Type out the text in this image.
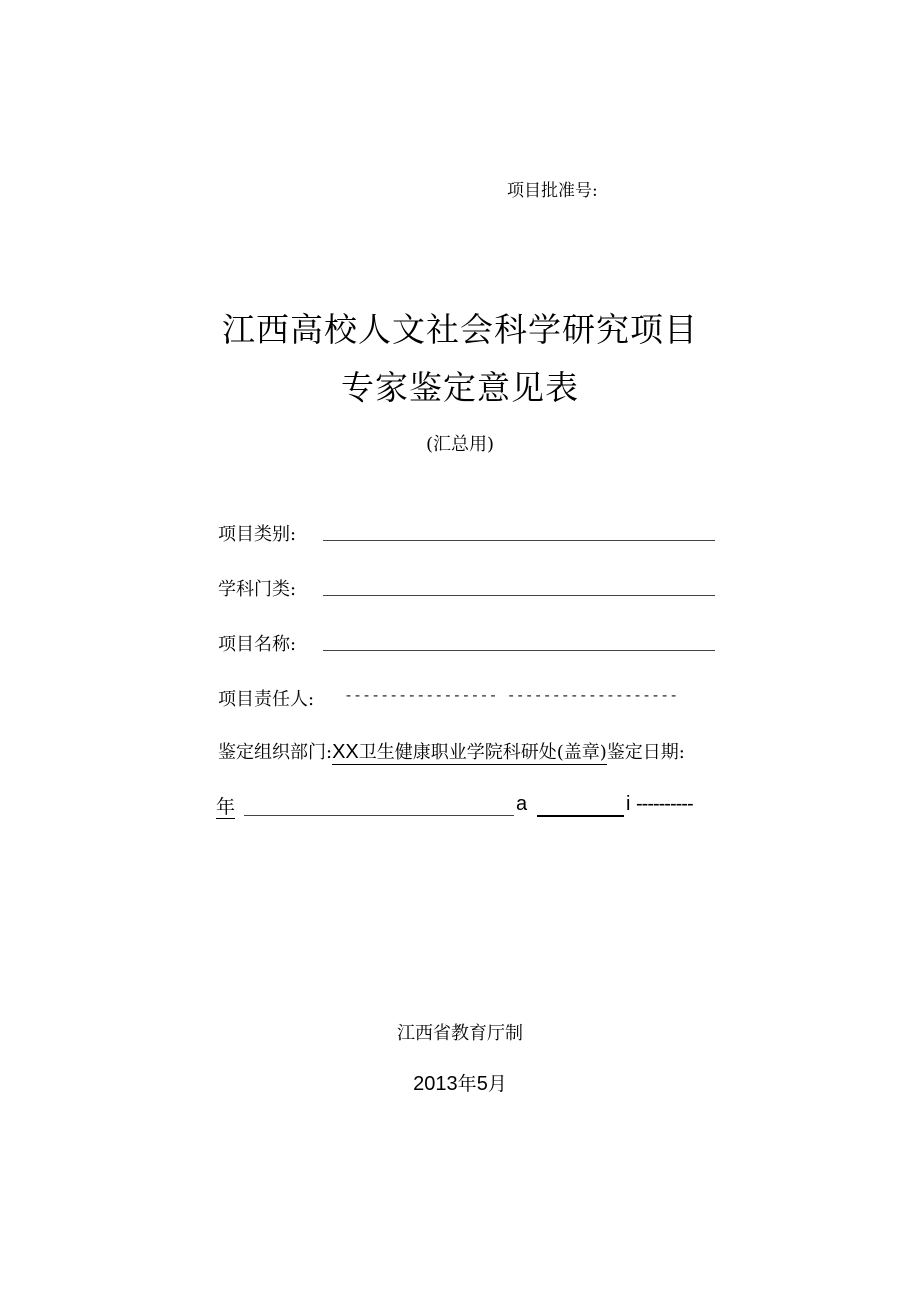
项目批准号:
江西高校人文社会科学研究项目
专家鉴定意见表
(汇总用)
项目类别:
学科门类:
项目名称:
项目责任人: ----------------- -------------------
鉴定组织部门:XX卫生健康职业学院科研处(盖章)鉴定日期:
年	a	i ----------
江西省教育厅制
2013年5月
